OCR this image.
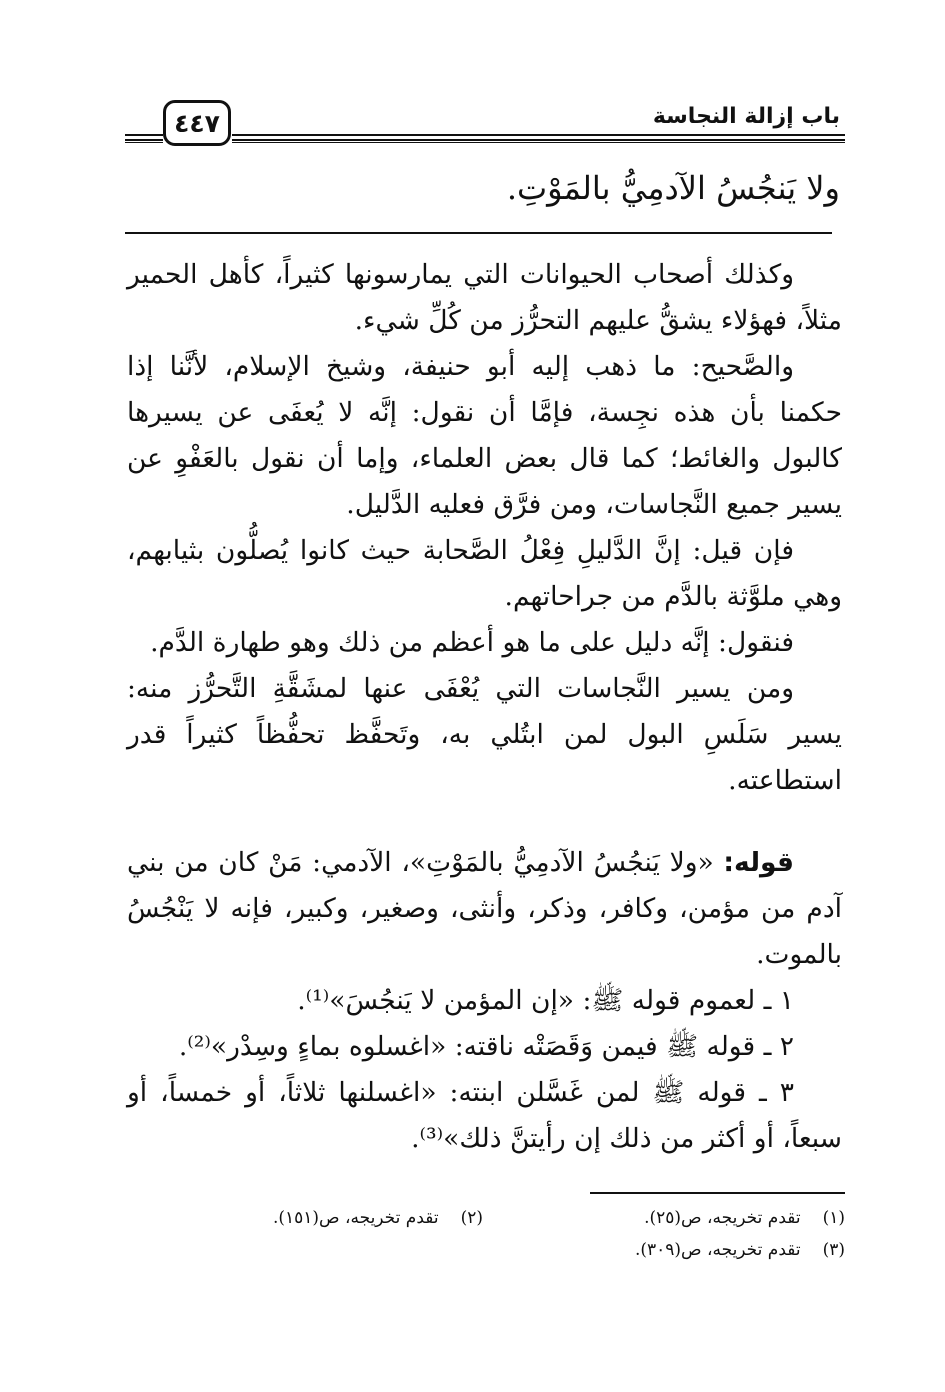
باب إزالة النجاسة
٤٤٧
ولا يَنجُسُ الآدمِيُّ بالمَوْتِ.

وكذلك أصحاب الحيوانات التي يمارسونها كثيراً، كأهل الحمير مثلاً، فهؤلاء يشقُّ عليهم التحرُّز من كُلِّ شيء.

والصَّحيح: ما ذهب إليه أبو حنيفة، وشيخ الإسلام، لأنَّنا إذا حكمنا بأن هذه نجِسة، فإمَّا أن نقول: إنَّه لا يُعفَى عن يسيرها كالبول والغائط؛ كما قال بعض العلماء، وإما أن نقول بالعَفْوِ عن يسير جميع النَّجاسات، ومن فرَّق فعليه الدَّليل.

فإن قيل: إنَّ الدَّليلِ فِعْلُ الصَّحابة حيث كانوا يُصلُّون بثيابهم، وهي ملوَّثة بالدَّم من جراحاتهم.

فنقول: إنَّه دليل على ما هو أعظم من ذلك وهو طهارة الدَّم.

ومن يسير النَّجاسات التي يُعْفَى عنها لمشَقَّةِ التَّحرُّز منه: يسير سَلَسِ البول لمن ابتُلي به، وتَحفَّظ تحفُّظاً كثيراً قدر استطاعته.

قوله: «ولا يَنجُسُ الآدمِيُّ بالمَوْتِ»، الآدمي: مَنْ كان من بني آدم من مؤمن، وكافر، وذكر، وأنثى، وصغير، وكبير، فإنه لا يَنْجُسُ بالموت.

١ ـ لعموم قوله ﷺ: «إن المؤمن لا يَنجُسَ»⁽¹⁾.

٢ ـ قوله ﷺ فيمن وَقَصَتْه ناقته: «اغسلوه بماءٍ وسِدْر»⁽²⁾.

٣ ـ قوله ﷺ لمن غَسَّلن ابنته: «اغسلنها ثلاثاً، أو خمساً، أو سبعاً، أو أكثر من ذلك إن رأيتنَّ ذلك»⁽³⁾.

(١)تقدم تخريجه، ص(٢٥).
(٢)تقدم تخريجه، ص(١٥١).
(٣)تقدم تخريجه، ص(٣٠٩).
